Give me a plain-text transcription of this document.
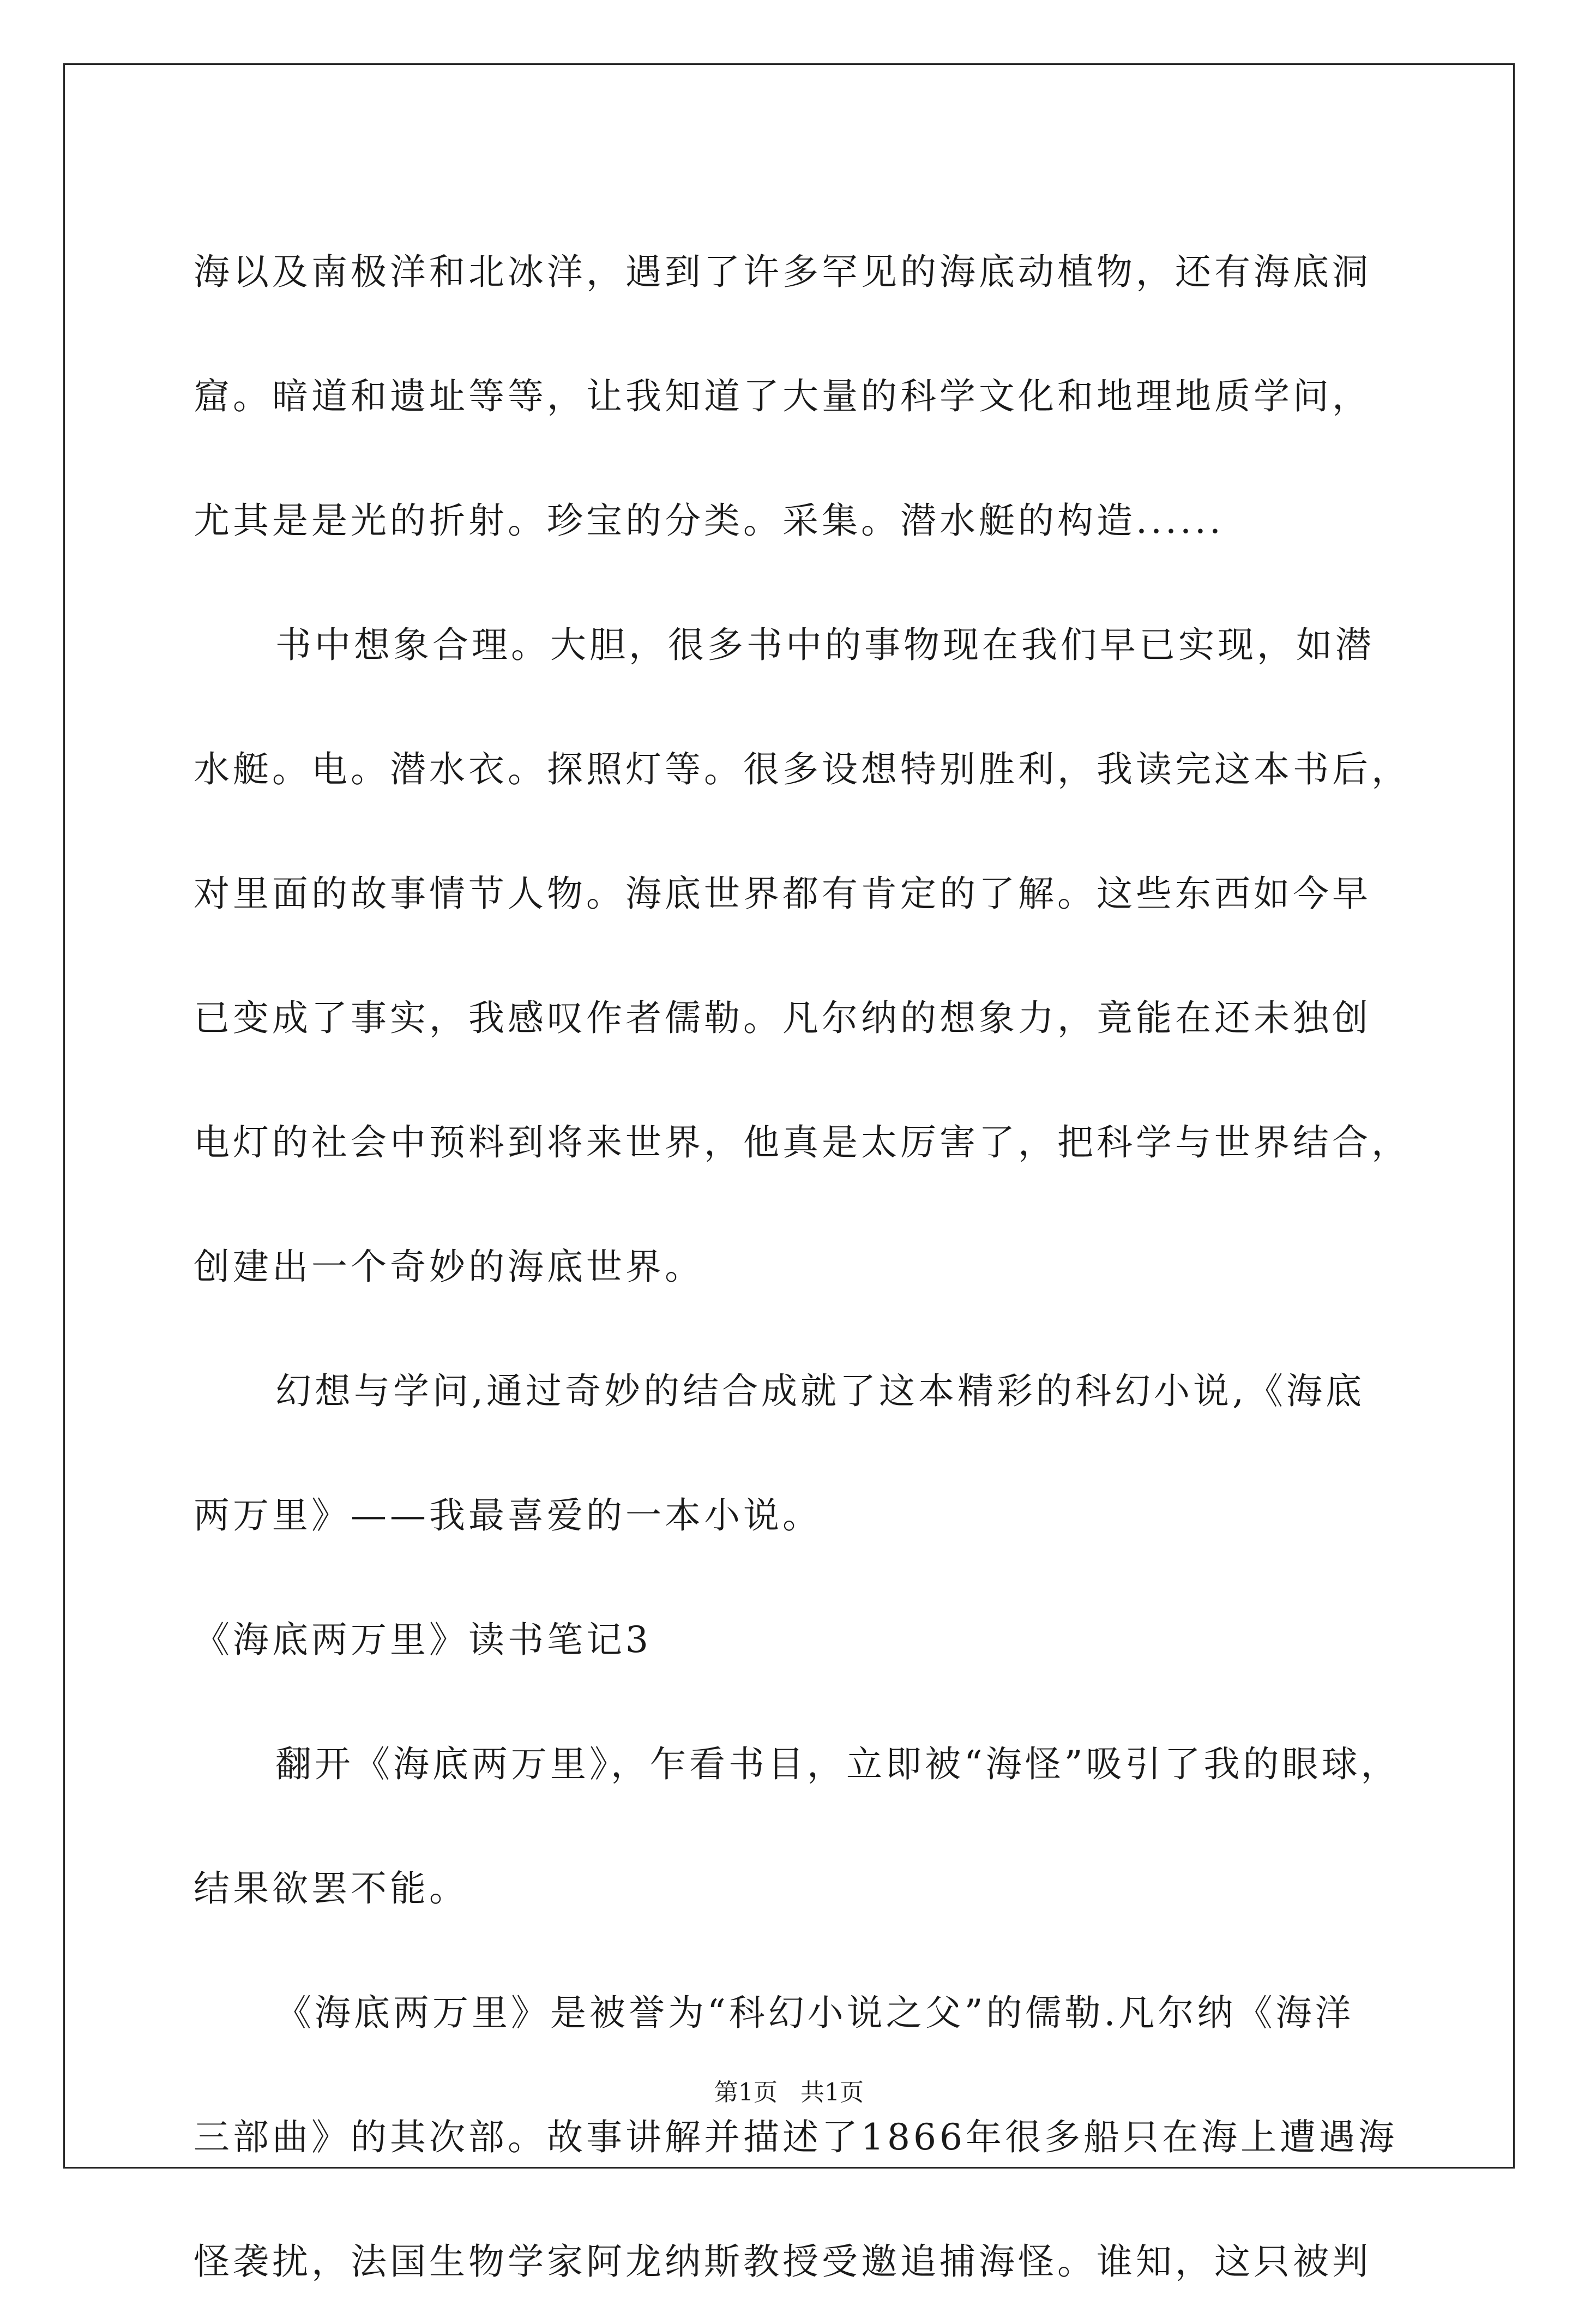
海以及南极洋和北冰洋，遇到了许多罕见的海底动植物，还有海底洞
窟。暗道和遗址等等，让我知道了大量的科学文化和地理地质学问，
尤其是是光的折射。珍宝的分类。采集。潜水艇的构造......
书中想象合理。大胆，很多书中的事物现在我们早已实现，如潜
水艇。电。潜水衣。探照灯等。很多设想特别胜利，我读完这本书后，
对里面的故事情节人物。海底世界都有肯定的了解。这些东西如今早
已变成了事实，我感叹作者儒勒。凡尔纳的想象力，竟能在还未独创
电灯的社会中预料到将来世界，他真是太厉害了，把科学与世界结合，
创建出一个奇妙的海底世界。
幻想与学问,通过奇妙的结合成就了这本精彩的科幻小说,《海底
两万里》——我最喜爱的一本小说。
《海底两万里》读书笔记3
翻开《海底两万里》，乍看书目，立即被“海怪”吸引了我的眼球，
结果欲罢不能。
《海底两万里》是被誉为“科幻小说之父”的儒勒.凡尔纳《海洋
三部曲》的其次部。故事讲解并描述了1866年很多船只在海上遭遇海
怪袭扰，法国生物学家阿龙纳斯教授受邀追捕海怪。谁知，这只被判
第1页   共1页
